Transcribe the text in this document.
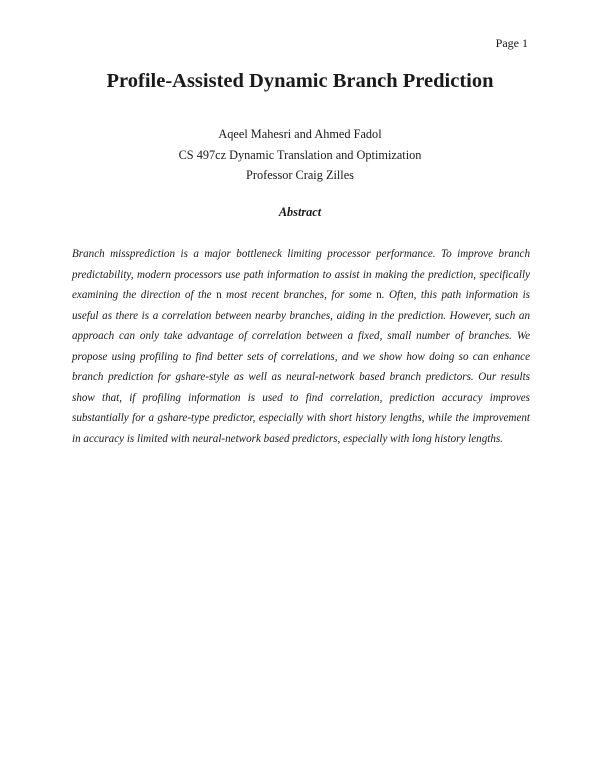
Page 1
Profile-Assisted Dynamic Branch Prediction
Aqeel Mahesri and Ahmed Fadol
CS 497cz Dynamic Translation and Optimization
Professor Craig Zilles
Abstract

Branch missprediction is a major bottleneck limiting processor performance. To improve branch predictability, modern processors use path information to assist in making the prediction, specifically examining the direction of the n most recent branches, for some n. Often, this path information is useful as there is a correlation between nearby branches, aiding in the prediction. However, such an approach can only take advantage of correlation between a fixed, small number of branches. We propose using profiling to find better sets of correlations, and we show how doing so can enhance branch prediction for gshare-style as well as neural-network based branch predictors. Our results show that, if profiling information is used to find correlation, prediction accuracy improves substantially for a gshare-type predictor, especially with short history lengths, while the improvement in accuracy is limited with neural-network based predictors, especially with long history lengths.
